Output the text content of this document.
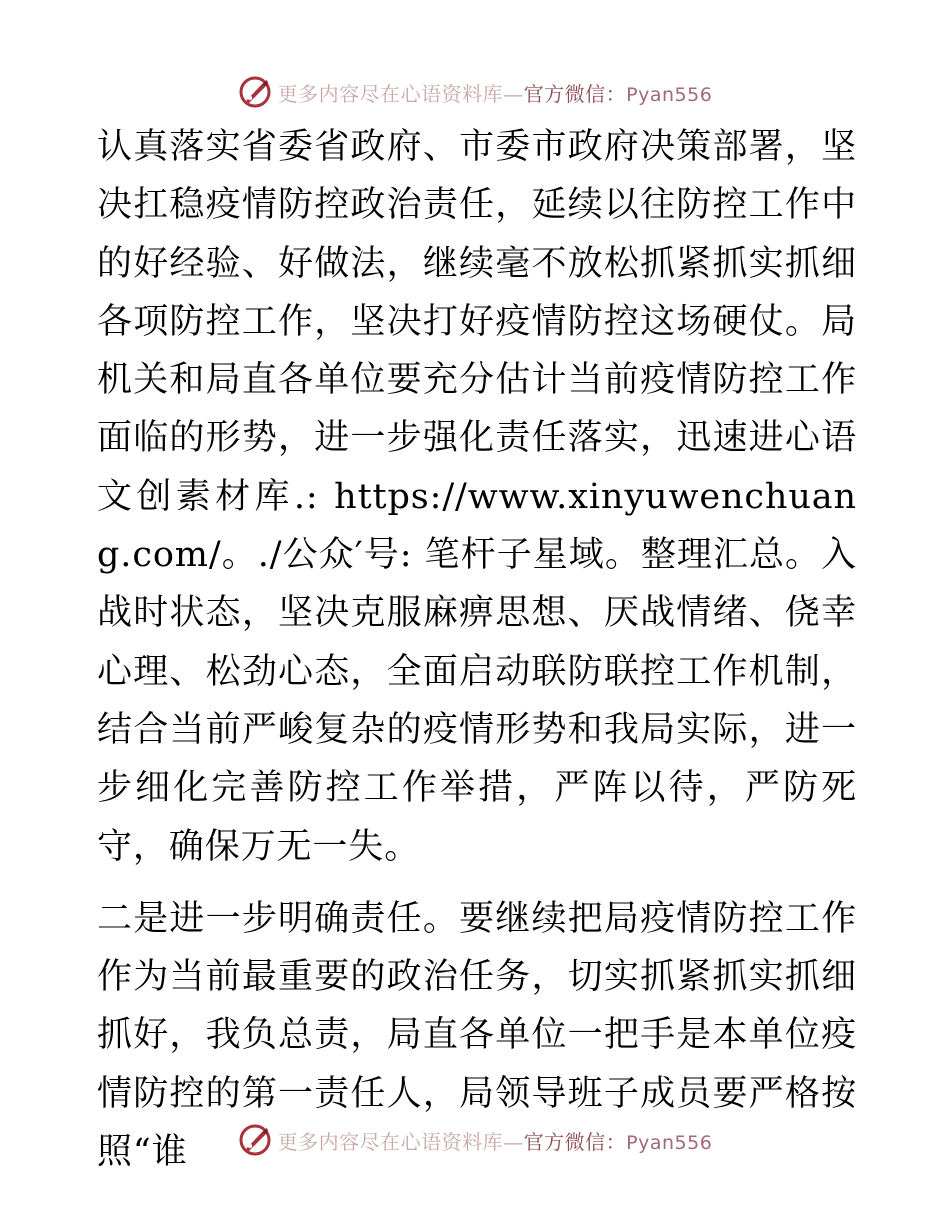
更多内容尽在心语资料库—官方微信：Pyan556

认真落实省委省政府、市委市政府决策部署，坚决扛稳疫情防控政治责任，延续以往防控工作中的好经验、好做法，继续毫不放松抓紧抓实抓细各项防控工作，坚决打好疫情防控这场硬仗。局机关和局直各单位要充分估计当前疫情防控工作面临的形势，进一步强化责任落实，迅速进心语文创素材库.: https://www.xinyuwenchuang.com/。./公众′号: 笔杆子星域。整理汇总。入战时状态，坚决克服麻痹思想、厌战情绪、侥幸心理、松劲心态，全面启动联防联控工作机制，结合当前严峻复杂的疫情形势和我局实际，进一步细化完善防控工作举措，严阵以待，严防死守，确保万无一失。

二是进一步明确责任。要继续把局疫情防控工作作为当前最重要的政治任务，切实抓紧抓实抓细抓好，我负总责，局直各单位一把手是本单位疫情防控的第一责任人，局领导班子成员要严格按照“谁	更多内容尽在心语资料库—官方微信：Pyan556
